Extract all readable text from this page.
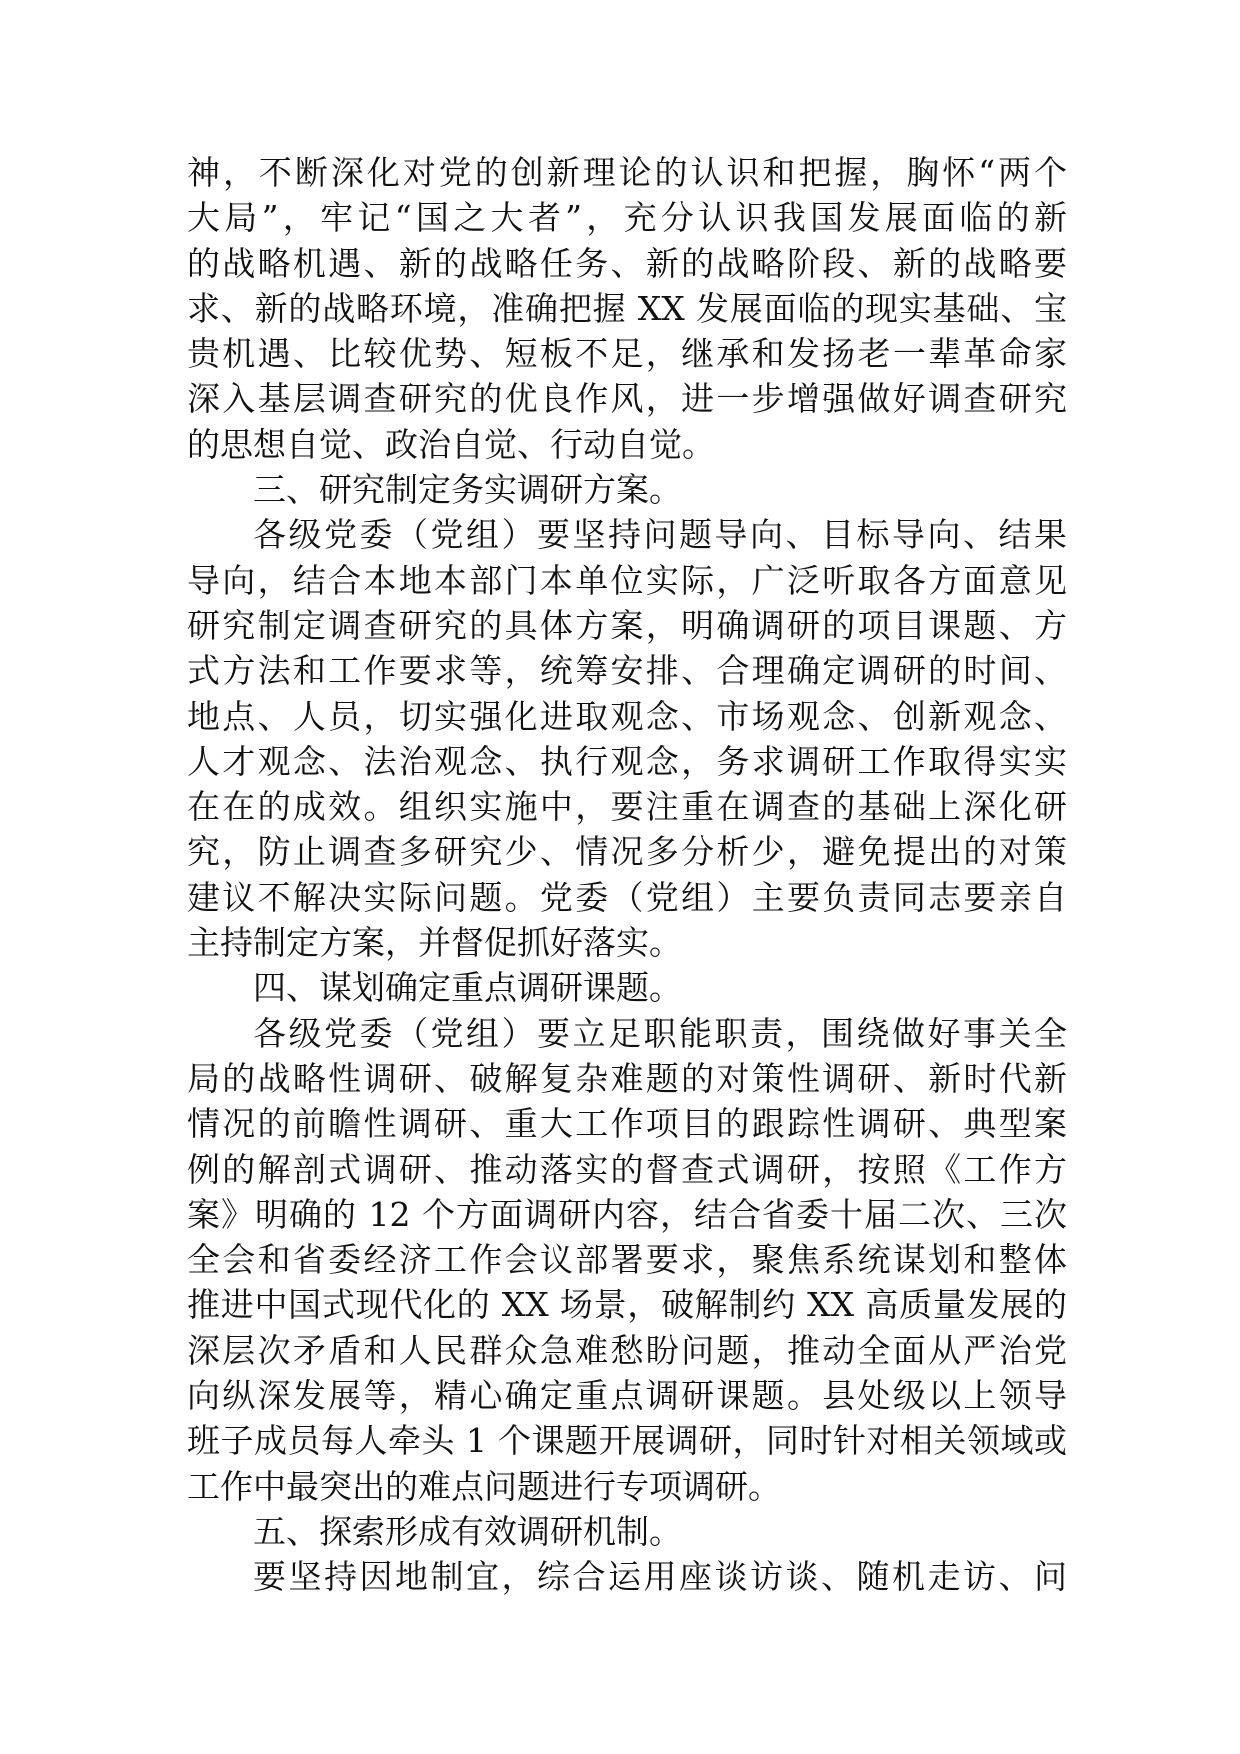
神，不断深化对党的创新理论的认识和把握，胸怀“两个
大局”，牢记“国之大者”，充分认识我国发展面临的新
的战略机遇、新的战略任务、新的战略阶段、新的战略要
求、新的战略环境，准确把握 XX 发展面临的现实基础、宝
贵机遇、比较优势、短板不足，继承和发扬老一辈革命家
深入基层调查研究的优良作风，进一步增强做好调查研究
的思想自觉、政治自觉、行动自觉。
三、研究制定务实调研方案。
各级党委（党组）要坚持问题导向、目标导向、结果
导向，结合本地本部门本单位实际，广泛听取各方面意见
研究制定调查研究的具体方案，明确调研的项目课题、方
式方法和工作要求等，统筹安排、合理确定调研的时间、
地点、人员，切实强化进取观念、市场观念、创新观念、
人才观念、法治观念、执行观念，务求调研工作取得实实
在在的成效。组织实施中，要注重在调查的基础上深化研
究，防止调查多研究少、情况多分析少，避免提出的对策
建议不解决实际问题。党委（党组）主要负责同志要亲自
主持制定方案，并督促抓好落实。
四、谋划确定重点调研课题。
各级党委（党组）要立足职能职责，围绕做好事关全
局的战略性调研、破解复杂难题的对策性调研、新时代新
情况的前瞻性调研、重大工作项目的跟踪性调研、典型案
例的解剖式调研、推动落实的督查式调研，按照《工作方
案》明确的 12 个方面调研内容，结合省委十届二次、三次
全会和省委经济工作会议部署要求，聚焦系统谋划和整体
推进中国式现代化的 XX 场景，破解制约 XX 高质量发展的
深层次矛盾和人民群众急难愁盼问题，推动全面从严治党
向纵深发展等，精心确定重点调研课题。县处级以上领导
班子成员每人牵头 1 个课题开展调研，同时针对相关领域或
工作中最突出的难点问题进行专项调研。
五、探索形成有效调研机制。
要坚持因地制宜，综合运用座谈访谈、随机走访、问
